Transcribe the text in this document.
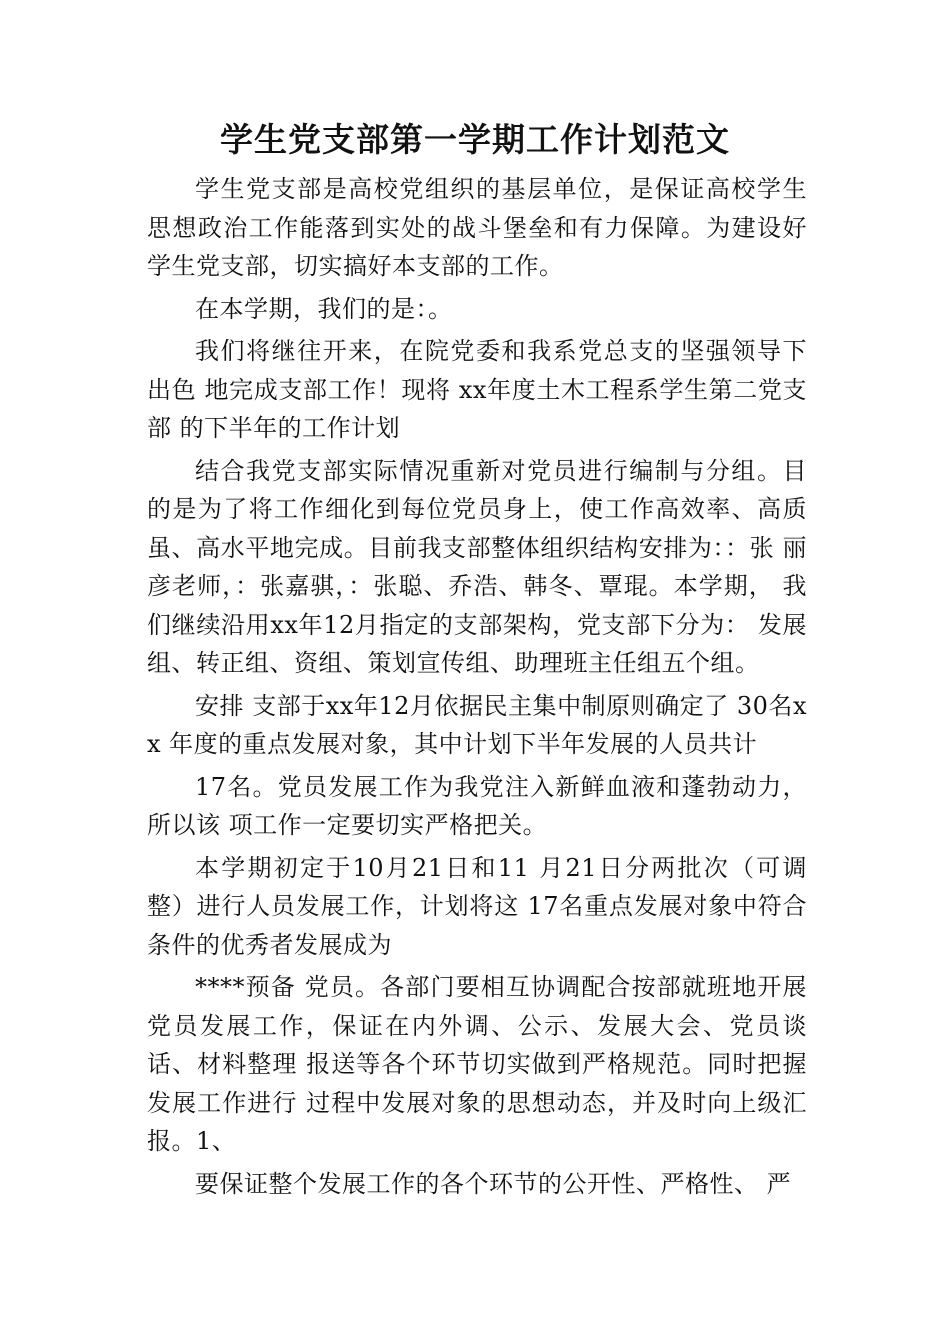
学生党支部第一学期工作计划范文

学生党支部是高校党组织的基层单位，是保证高校学生思想政治工作能落到实处的战斗堡垒和有力保障。为建设好学生党支部，切实搞好本支部的工作。

在本学期，我们的是：。

我们将继往开来，在院党委和我系党总支的坚强领导下出色 地完成支部工作！现将 xx年度土木工程系学生第二党支部 的下半年的工作计划

结合我党支部实际情况重新对党员进行编制与分组。目的是为了将工作细化到每位党员身上，使工作高效率、高质虽、高水平地完成。目前我支部整体组织结构安排为：：张 丽彦老师，：张嘉骐，：张聪、乔浩、韩冬、覃琨。本学期， 我们继续沿用xx年12月指定的支部架构，党支部下分为： 发展组、转正组、资组、策划宣传组、助理班主任组五个组。

安排 支部于xx年12月依据民主集中制原则确定了 30名xx 年度的重点发展对象，其中计划下半年发展的人员共计

17名。党员发展工作为我党注入新鲜血液和蓬勃动力，所以该 项工作一定要切实严格把关。

本学期初定于10月21日和11 月21日分两批次（可调整）进行人员发展工作，计划将这 17名重点发展对象中符合条件的优秀者发展成为

****预备 党员。各部门要相互协调配合按部就班地开展党员发展工作，保证在内外调、公示、发展大会、党员谈话、材料整理 报送等各个环节切实做到严格规范。同时把握发展工作进行 过程中发展对象的思想动态，并及时向上级汇报。1、

要保证整个发展工作的各个环节的公开性、严格性、 严
